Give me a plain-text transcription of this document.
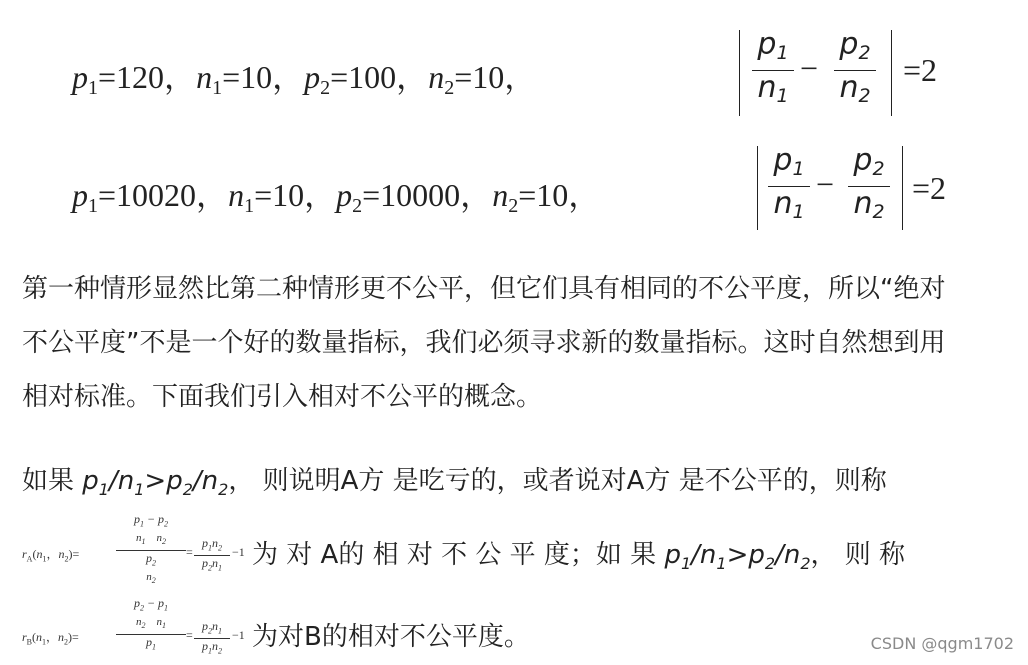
$p_1=120$，$n_1=10$，$p_2=100$，$n_2=10$，
$p_1$
$n_1$
−
$p_2$
$n_2$
=2
$p_1=10020$，$n_1=10$，$p_2=10000$，$n_2=10$，
$p_1$
$n_1$
−
$p_2$
$n_2$
=2
第一种情形显然比第二种情形更不公平，但它们具有相同的不公平度，所以“绝对
不公平度”不是一个好的数量指标，我们必须寻求新的数量指标。这时自然想到用
相对标准。下面我们引入相对不公平的概念。
如果 $p_1/n_1>p_2/n_2$， 则说明A方 是吃亏的，或者说对A方 是不公平的，则称
$r_A(n_1$，$n_2)=$
$p_1 - p_2$
$n_1$    $n_2$
$p_2$
$n_2$
=
$p_1n_2$
$p_2n_1$
−1 为 对 A的 相 对 不 公 平 度；如 果 $p_1/n_1>p_2/n_2$， 则 称
$r_B(n_1$，$n_2)=$
$p_2 - p_1$
$n_2$    $n_1$
$p_1$
=
$p_2n_1$
$p_1n_2$
−1 为对B的相对不公平度。	CSDN @qgm1702
